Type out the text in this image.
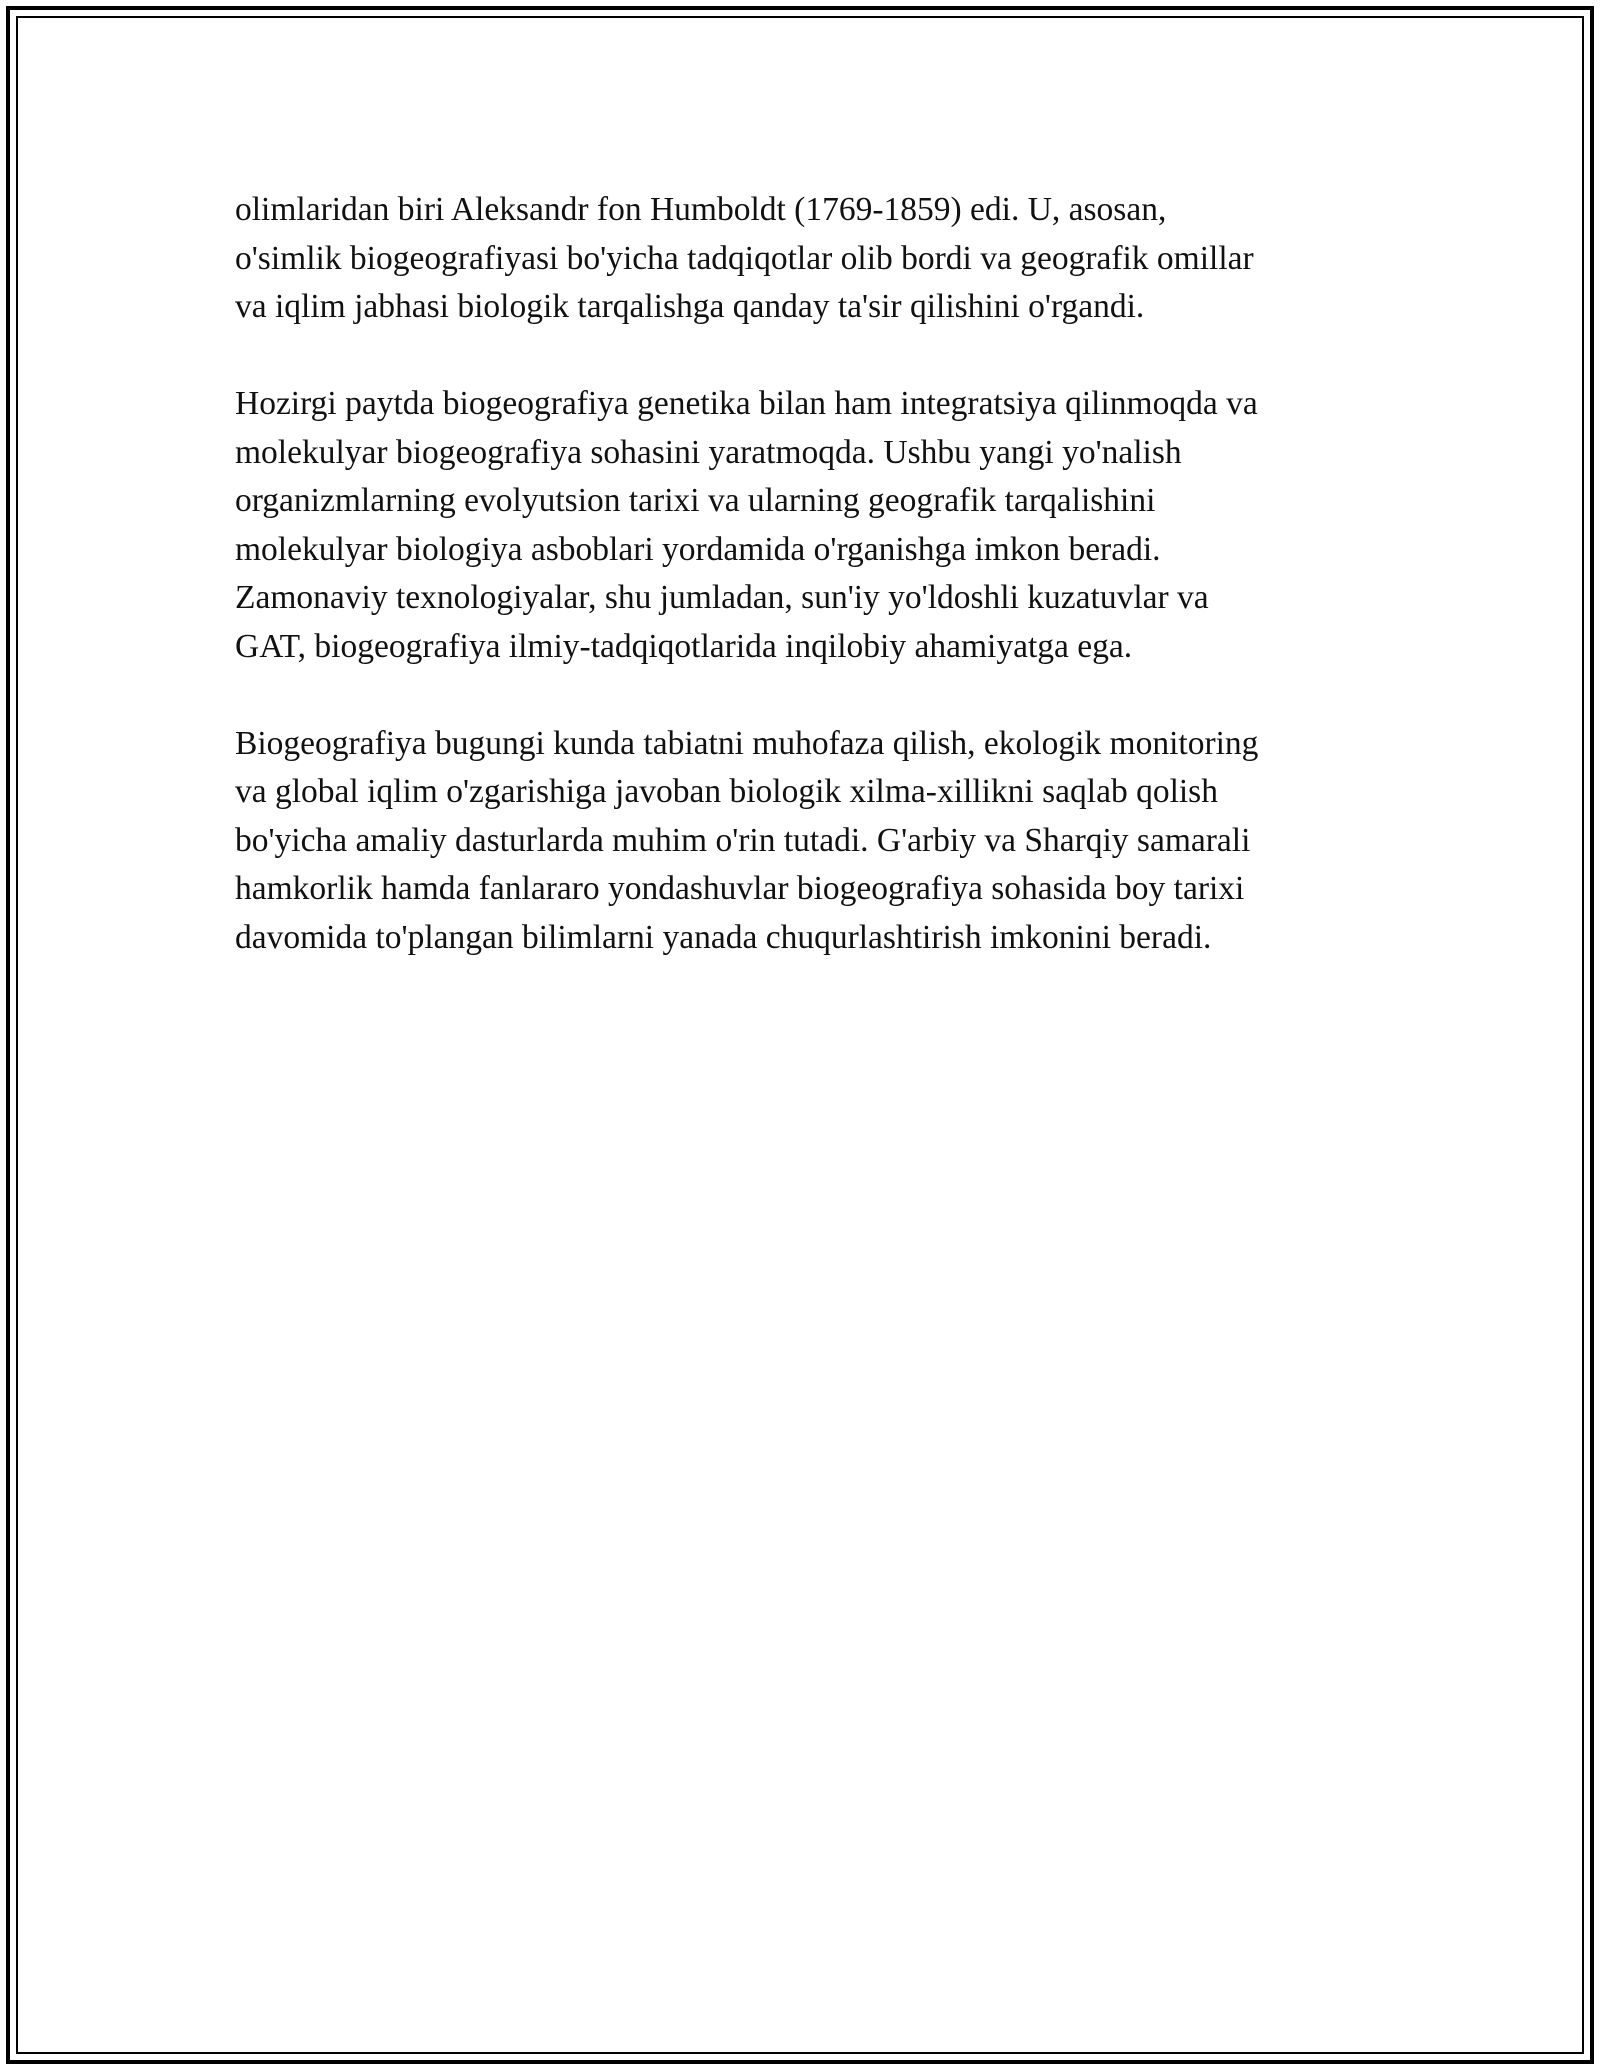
olimlaridan biri Aleksandr fon Humboldt (1769-1859) edi. U, asosan,
o'simlik biogeografiyasi bo'yicha tadqiqotlar olib bordi va geografik omillar
va iqlim jabhasi biologik tarqalishga qanday ta'sir qilishini o'rgandi.

Hozirgi paytda biogeografiya genetika bilan ham integratsiya qilinmoqda va
molekulyar biogeografiya sohasini yaratmoqda. Ushbu yangi yo'nalish
organizmlarning evolyutsion tarixi va ularning geografik tarqalishini
molekulyar biologiya asboblari yordamida o'rganishga imkon beradi.
Zamonaviy texnologiyalar, shu jumladan, sun'iy yo'ldoshli kuzatuvlar va
GAT, biogeografiya ilmiy-tadqiqotlarida inqilobiy ahamiyatga ega.

Biogeografiya bugungi kunda tabiatni muhofaza qilish, ekologik monitoring
va global iqlim o'zgarishiga javoban biologik xilma-xillikni saqlab qolish
bo'yicha amaliy dasturlarda muhim o'rin tutadi. G'arbiy va Sharqiy samarali
hamkorlik hamda fanlararo yondashuvlar biogeografiya sohasida boy tarixi
davomida to'plangan bilimlarni yanada chuqurlashtirish imkonini beradi.
